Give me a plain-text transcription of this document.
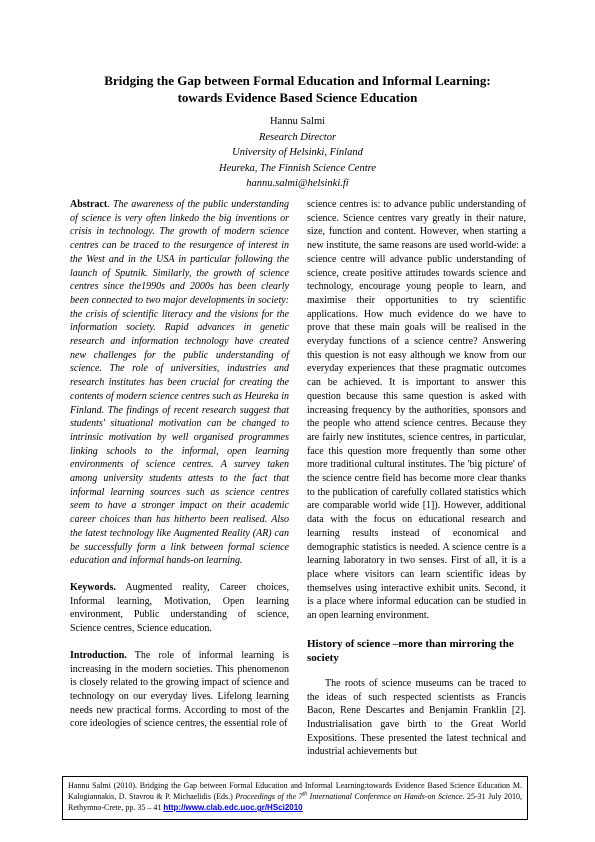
Bridging the Gap between Formal Education and Informal Learning:
towards Evidence Based Science Education
Hannu Salmi
Research Director
University of Helsinki, Finland
Heureka, The Finnish Science Centre
hannu.salmi@helsinki.fi

Abstract. The awareness of the public understanding of science is very often linkedo the big inventions or crisis in technology. The growth of modern science centres can be traced to the resurgence of interest in the West and in the USA in particular following the launch of Sputnik. Similarly, the growth of science centres since the1990s and 2000s has been clearly been connected to two major developments in society: the crisis of scientific literacy and the visions for the information society. Rapid advances in genetic research and information technology have created new challenges for the public understanding of science. The role of universities, industries and research institutes has been crucial for creating the contents of modern science centres such as Heureka in Finland. The findings of recent research suggest that students' situational motivation can be changed to intrinsic motivation by well organised programmes linking schools to the informal, open learning environments of science centres. A survey taken among university students attests to the fact that informal learning sources such as science centres seem to have a stronger impact on their academic career choices than has hitherto been realised. Also the latest technology like Augmented Reality (AR) can be successfully form a link between formal science education and informal hands-on learning.

Keywords. Augmented reality, Career choices, Informal learning, Motivation, Open learning environment, Public understanding of science, Science centres, Science education.

Introduction. The role of informal learning is increasing in the modern societies. This phenomenon is closely related to the growing impact of science and technology on our everyday lives. Lifelong learning needs new practical forms. According to most of the core ideologies of science centres, the essential role of

science centres is: to advance public understanding of science. Science centres vary greatly in their nature, size, function and content. However, when starting a new institute, the same reasons are used world-wide: a science centre will advance public understanding of science, create positive attitudes towards science and technology, encourage young people to learn, and maximise their opportunities to try scientific applications. How much evidence do we have to prove that these main goals will be realised in the everyday functions of a science centre? Answering this question is not easy although we know from our everyday experiences that these pragmatic outcomes can be achieved. It is important to answer this question because this same question is asked with increasing frequency by the authorities, sponsors and the people who attend science centres. Because they are fairly new institutes, science centres, in particular, face this question more frequently than some other more traditional cultural institutes. The 'big picture' of the science centre field has become more clear thanks to the publication of carefully collated statistics which are comparable world wide [1]). However, additional data with the focus on educational research and learning results instead of economical and demographic statistics is needed. A science centre is a learning laboratory in two senses. First of all, it is a place where visitors can learn scientific ideas by themselves using interactive exhibit units. Second, it is a place where informal education can be studied in an open learning environment.

History of science –more than mirroring the society

The roots of science museums can be traced to the ideas of such respected scientists as Francis Bacon, Rene Descartes and Benjamin Franklin [2]. Industrialisation gave birth to the Great World Expositions. These presented the latest technical and industrial achievements but

Hannu Salmi (2010). Bridging the Gap between Formal Education and Informal Learning:towards Evidence Based Science Education M. Kalogiannakis, D. Stavrou & P. Michaelidis (Eds.) Proceedings of the 7th International Conference on Hands-on Science. 25-31 July 2010, Rethymno-Crete, pp. 35 – 41 http://www.clab.edc.uoc.gr/HSci2010
